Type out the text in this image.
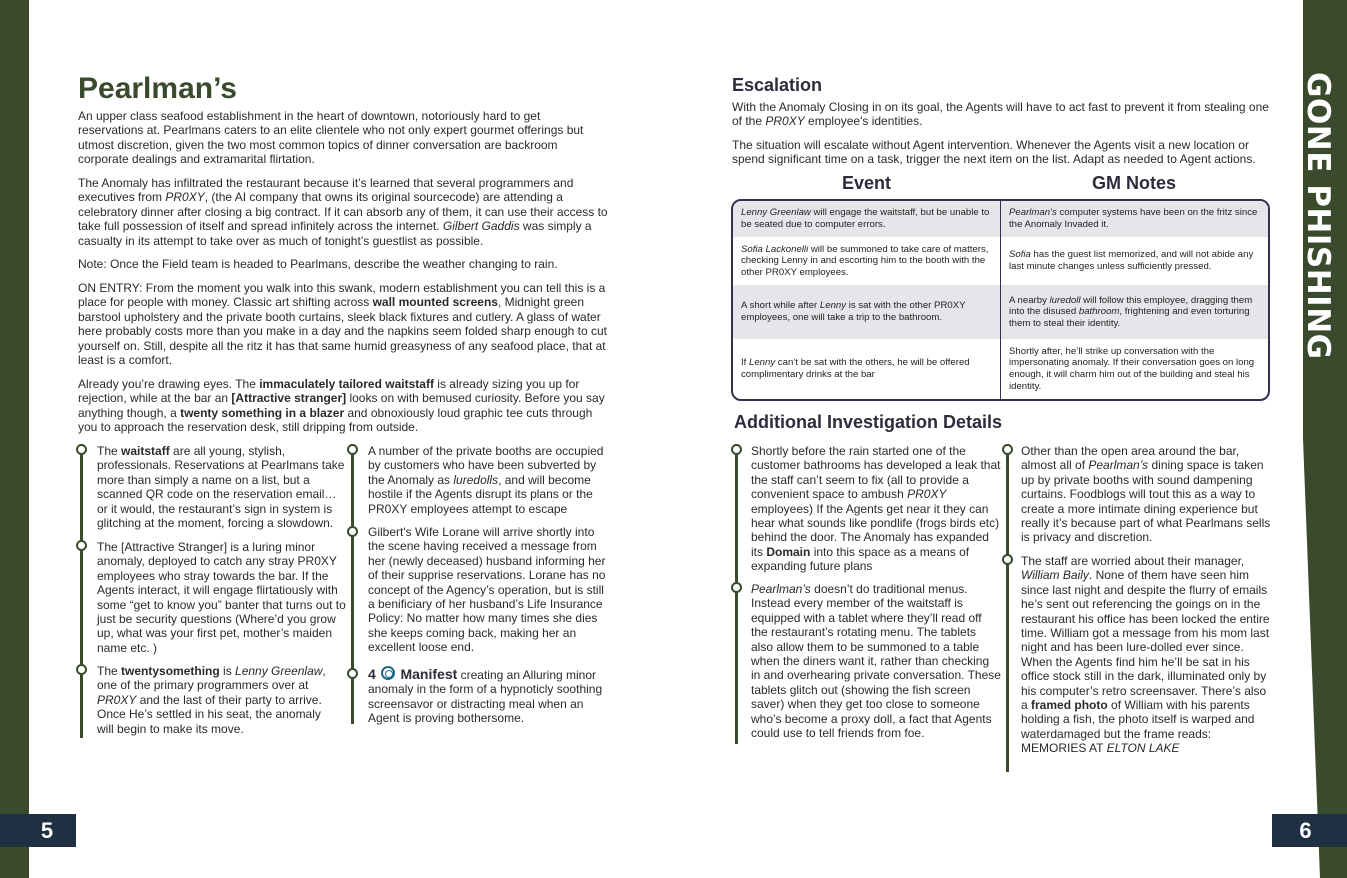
GONE PHISHING
5	6
Pearlman’s

An upper class seafood establishment in the heart of downtown, notoriously hard to get reservations at. Pearlmans caters to an elite clientele who not only expert gourmet offerings but utmost discretion, given the two most common topics of dinner conversation are backroom corporate dealings and extramarital flirtation.

The Anomaly has infiltrated the restaurant because it’s learned that several programmers and executives from PR0XY, (the AI company that owns its original sourcecode) are attending a celebratory dinner after closing a big contract. If it can absorb any of them, it can use their access to take full possession of itself and spread infinitely across the internet. Gilbert Gaddis was simply a casualty in its attempt to take over as much of tonight’s guestlist as possible.

Note: Once the Field team is headed to Pearlmans, describe the weather changing to rain.

ON ENTRY: From the moment you walk into this swank, modern establishment you can tell this is a place for people with money. Classic art shifting across wall mounted screens, Midnight green barstool upholstery and the private booth curtains, sleek black fixtures and cutlery. A glass of water here probably costs more than you make in a day and the napkins seem folded sharp enough to cut yourself on. Still, despite all the ritz it has that same humid greasyness of any seafood place, that at least is a comfort.

Already you’re drawing eyes. The immaculately tailored waitstaff is already sizing you up for rejection, while at the bar an [Attractive stranger] looks on with bemused curiosity. Before you say anything though, a twenty something in a blazer and obnoxiously loud graphic tee cuts through you to approach the reservation desk, still dripping from outside.

The waitstaff are all young, stylish, professionals. Reservations at Pearlmans take more than simply a name on a list, but a scanned QR code on the reservation email… or it would, the restaurant’s sign in system is glitching at the moment, forcing a slowdown.

The [Attractive Stranger] is a luring minor anomaly, deployed to catch any stray PR0XY employees who stray towards the bar. If the Agents interact, it will engage flirtatiously with some “get to know you” banter that turns out to just be security questions (Where’d you grow up, what was your first pet, mother’s maiden name etc. )

The twentysomething is Lenny Greenlaw, one of the primary programmers over at PR0XY and the last of their party to arrive. Once He’s settled in his seat, the anomaly will begin to make its move.

A number of the private booths are occupied by customers who have been subverted by the Anomaly as luredolls, and will become hostile if the Agents disrupt its plans or the PR0XY employees attempt to escape

Gilbert's Wife Lorane will arrive shortly into the scene having received a message from her (newly deceased) husband informing her of their supprise reservations. Lorane has no concept of the Agency’s operation, but is still a benificiary of her husband’s Life Insurance Policy: No matter how many times she dies she keeps coming back, making her an excellent loose end.

4 Manifest creating an Alluring minor anomaly in the form of a hypnoticly soothing screensavor or distracting meal when an Agent is proving bothersome.

Escalation

With the Anomaly Closing in on its goal, the Agents will have to act fast to prevent it from stealing one of the PR0XY employee's identities.

The situation will escalate without Agent intervention. Whenever the Agents visit a new location or spend significant time on a task, trigger the next item on the list. Adapt as needed to Agent actions.

Event	GM Notes

Lenny Greenlaw will engage the waitstaff, but be unable to be seated due to computer errors.

Pearlman’s computer systems have been on the fritz since the Anomaly Invaded it.

Sofia Lackonelli will be summoned to take care of matters, checking Lenny in and escorting him to the booth with the other PR0XY employees.

Sofia has the guest list memorized, and will not abide any last minute changes unless sufficiently pressed.

A short while after Lenny is sat with the other PR0XY employees, one will take a trip to the bathroom.

A nearby luredoll will follow this employee, dragging them into the disused bathroom, frightening and even torturing them to steal their identity.

If Lenny can’t be sat with the others, he will be offered complimentary drinks at the bar

Shortly after, he’ll strike up conversation with the impersonating anomaly. If their conversation goes on long enough, it will charm him out of the building and steal his identity.

Additional Investigation Details

Shortly before the rain started one of the customer bathrooms has developed a leak that the staff can’t seem to fix (all to provide a convenient space to ambush PR0XY employees) If the Agents get near it they can hear what sounds like pondlife (frogs birds etc) behind the door. The Anomaly has expanded its Domain into this space as a means of expanding future plans

Pearlman’s doesn’t do traditional menus. Instead every member of the waitstaff is equipped with a tablet where they’ll read off the restaurant’s rotating menu. The tablets also allow them to be summoned to a table when the diners want it, rather than checking in and overhearing private conversation. These tablets glitch out (showing the fish screen saver) when they get too close to someone who’s become a proxy doll, a fact that Agents could use to tell friends from foe.

Other than the open area around the bar, almost all of Pearlman’s dining space is taken up by private booths with sound dampening curtains. Foodblogs will tout this as a way to create a more intimate dining experience but really it’s because part of what Pearlmans sells is privacy and discretion.

The staff are worried about their manager, William Baily. None of them have seen him since last night and despite the flurry of emails he’s sent out referencing the goings on in the restaurant his office has been locked the entire time. William got a message from his mom last night and has been lure-dolled ever since. When the Agents find him he’ll be sat in his office stock still in the dark, illuminated only by his computer’s retro screensaver. There’s also a framed photo of William with his parents holding a fish, the photo itself is warped and waterdamaged but the frame reads: MEMORIES AT ELTON LAKE
